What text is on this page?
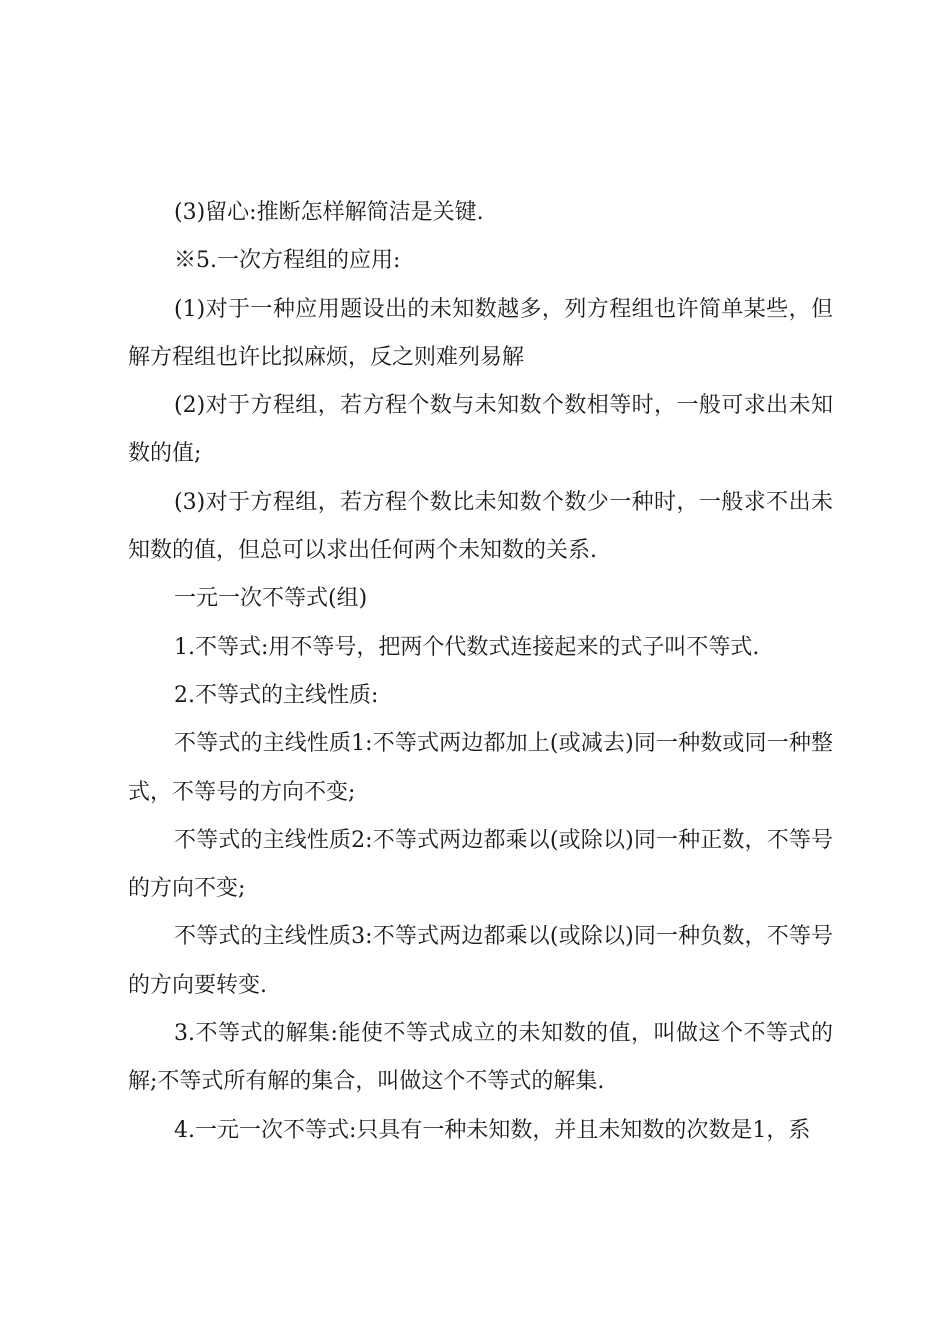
(3)留心:推断怎样解简洁是关键.

※5.一次方程组的应用:

(1)对于一种应用题设出的未知数越多，列方程组也许简单某些，但解方程组也许比拟麻烦，反之则难列易解

(2)对于方程组，若方程个数与未知数个数相等时，一般可求出未知数的值;

(3)对于方程组，若方程个数比未知数个数少一种时，一般求不出未知数的值，但总可以求出任何两个未知数的关系.

一元一次不等式(组)

1.不等式:用不等号，把两个代数式连接起来的式子叫不等式.

2.不等式的主线性质:

不等式的主线性质1:不等式两边都加上(或减去)同一种数或同一种整式，不等号的方向不变;

不等式的主线性质2:不等式两边都乘以(或除以)同一种正数，不等号的方向不变;

不等式的主线性质3:不等式两边都乘以(或除以)同一种负数，不等号的方向要转变.

3.不等式的解集:能使不等式成立的未知数的值，叫做这个不等式的解;不等式所有解的集合，叫做这个不等式的解集.

4.一元一次不等式:只具有一种未知数，并且未知数的次数是1，系
